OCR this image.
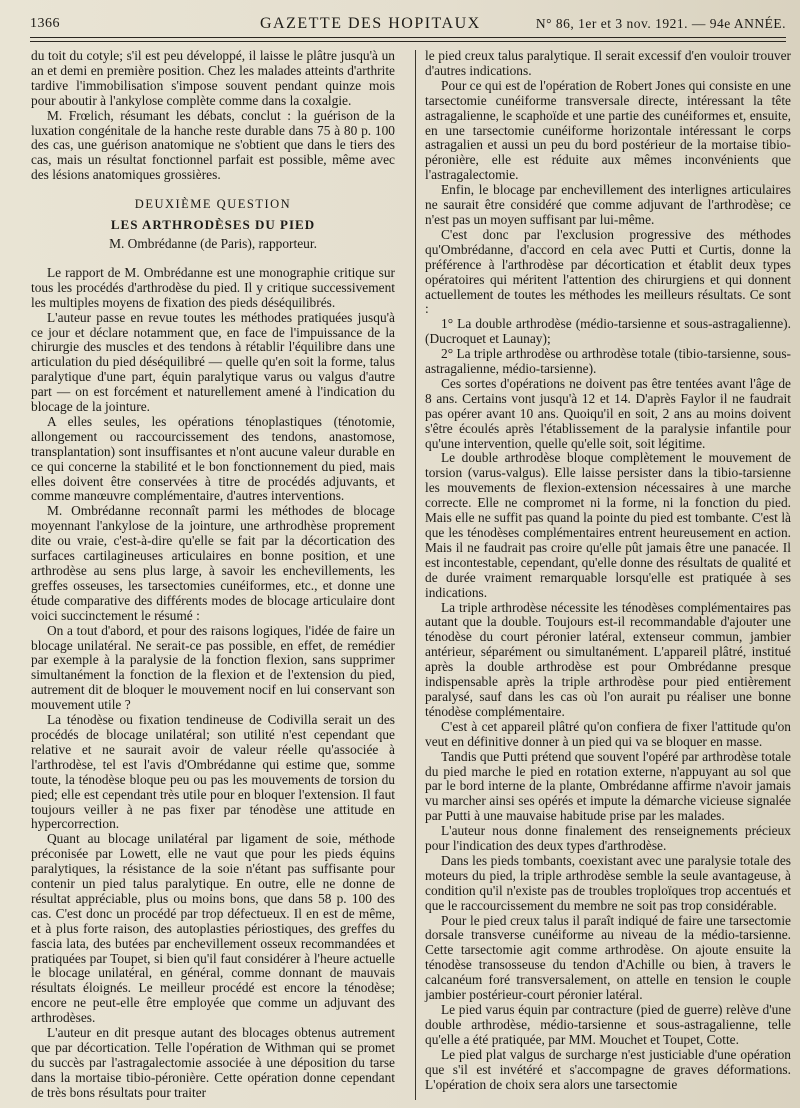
1366	GAZETTE DES HOPITAUX	N° 86, 1er et 3 nov. 1921. — 94e ANNÉE.

du toit du cotyle; s'il est peu développé, il laisse le plâtre jusqu'à un an et demi en première position. Chez les malades atteints d'arthrite tardive l'immobilisation s'impose souvent pendant quinze mois pour aboutir à l'ankylose complète comme dans la coxalgie.

M. Frœlich, résumant les débats, conclut : la guérison de la luxation congénitale de la hanche reste durable dans 75 à 80 p. 100 des cas, une guérison anatomique ne s'obtient que dans le tiers des cas, mais un résultat fonctionnel parfait est possible, même avec des lésions anatomiques grossières.

DEUXIÈME QUESTION

LES ARTHRODÈSES DU PIED

M. Ombrédanne (de Paris), rapporteur.

Le rapport de M. Ombrédanne est une monographie critique sur tous les procédés d'arthrodèse du pied. Il y critique successivement les multiples moyens de fixation des pieds déséquilibrés.

L'auteur passe en revue toutes les méthodes pratiquées jusqu'à ce jour et déclare notamment que, en face de l'impuissance de la chirurgie des muscles et des tendons à rétablir l'équilibre dans une articulation du pied déséquilibré — quelle qu'en soit la forme, talus paralytique d'une part, équin paralytique varus ou valgus d'autre part — on est forcément et naturellement amené à l'indication du blocage de la jointure.

A elles seules, les opérations ténoplastiques (ténotomie, allongement ou raccourcissement des tendons, anastomose, transplantation) sont insuffisantes et n'ont aucune valeur durable en ce qui concerne la stabilité et le bon fonctionnement du pied, mais elles doivent être conservées à titre de procédés adjuvants, et comme manœuvre complémentaire, d'autres interventions.

M. Ombrédanne reconnaît parmi les méthodes de blocage moyennant l'ankylose de la jointure, une arthrodhèse proprement dite ou vraie, c'est-à-dire qu'elle se fait par la décortication des surfaces cartilagineuses articulaires en bonne position, et une arthrodèse au sens plus large, à savoir les enchevillements, les greffes osseuses, les tarsectomies cunéiformes, etc., et donne une étude comparative des différents modes de blocage articulaire dont voici succinctement le résumé :

On a tout d'abord, et pour des raisons logiques, l'idée de faire un blocage unilatéral. Ne serait-ce pas possible, en effet, de remédier par exemple à la paralysie de la fonction flexion, sans supprimer simultanément la fonction de la flexion et de l'extension du pied, autrement dit de bloquer le mouvement nocif en lui conservant son mouvement utile ?

La ténodèse ou fixation tendineuse de Codivilla serait un des procédés de blocage unilatéral; son utilité n'est cependant que relative et ne saurait avoir de valeur réelle qu'associée à l'arthrodèse, tel est l'avis d'Ombrédanne qui estime que, somme toute, la ténodèse bloque peu ou pas les mouvements de torsion du pied; elle est cependant très utile pour en bloquer l'extension. Il faut toujours veiller à ne pas fixer par ténodèse une attitude en hypercorrection.

Quant au blocage unilatéral par ligament de soie, méthode préconisée par Lowett, elle ne vaut que pour les pieds équins paralytiques, la résistance de la soie n'étant pas suffisante pour contenir un pied talus paralytique. En outre, elle ne donne de résultat appréciable, plus ou moins bons, que dans 58 p. 100 des cas. C'est donc un procédé par trop défectueux. Il en est de même, et à plus forte raison, des autoplasties périostiques, des greffes du fascia lata, des butées par enchevillement osseux recommandées et pratiquées par Toupet, si bien qu'il faut considérer à l'heure actuelle le blocage unilatéral, en général, comme donnant de mauvais résultats éloignés. Le meilleur procédé est encore la ténodèse; encore ne peut-elle être employée que comme un adjuvant des arthrodèses.

L'auteur en dit presque autant des blocages obtenus autrement que par décortication. Telle l'opération de Withman qui se promet du succès par l'astragalectomie associée à une déposition du tarse dans la mortaise tibio-péronière. Cette opération donne cependant de très bons résultats pour traiter

le pied creux talus paralytique. Il serait excessif d'en vouloir trouver d'autres indications.

Pour ce qui est de l'opération de Robert Jones qui consiste en une tarsectomie cunéiforme transversale directe, intéressant la tête astragalienne, le scaphoïde et une partie des cunéiformes et, ensuite, en une tarsectomie cunéiforme horizontale intéressant le corps astragalien et aussi un peu du bord postérieur de la mortaise tibio-péronière, elle est réduite aux mêmes inconvénients que l'astragalectomie.

Enfin, le blocage par enchevillement des interlignes articulaires ne saurait être considéré que comme adjuvant de l'arthrodèse; ce n'est pas un moyen suffisant par lui-même.

C'est donc par l'exclusion progressive des méthodes qu'Ombrédanne, d'accord en cela avec Putti et Curtis, donne la préférence à l'arthrodèse par décortication et établit deux types opératoires qui méritent l'attention des chirurgiens et qui donnent actuellement de toutes les méthodes les meilleurs résultats. Ce sont :

1° La double arthrodèse (médio-tarsienne et sous-astragalienne). (Ducroquet et Launay);

2° La triple arthrodèse ou arthrodèse totale (tibio-tarsienne, sous-astragalienne, médio-tarsienne).

Ces sortes d'opérations ne doivent pas être tentées avant l'âge de 8 ans. Certains vont jusqu'à 12 et 14. D'après Faylor il ne faudrait pas opérer avant 10 ans. Quoiqu'il en soit, 2 ans au moins doivent s'être écoulés après l'établissement de la paralysie infantile pour qu'une intervention, quelle qu'elle soit, soit légitime.

Le double arthrodèse bloque complètement le mouvement de torsion (varus-valgus). Elle laisse persister dans la tibio-tarsienne les mouvements de flexion-extension nécessaires à une marche correcte. Elle ne compromet ni la forme, ni la fonction du pied. Mais elle ne suffit pas quand la pointe du pied est tombante. C'est là que les ténodèses complémentaires entrent heureusement en action. Mais il ne faudrait pas croire qu'elle pût jamais être une panacée. Il est incontestable, cependant, qu'elle donne des résultats de qualité et de durée vraiment remarquable lorsqu'elle est pratiquée à ses indications.

La triple arthrodèse nécessite les ténodèses complémentaires pas autant que la double. Toujours est-il recommandable d'ajouter une ténodèse du court péronier latéral, extenseur commun, jambier antérieur, séparément ou simultanément. L'appareil plâtré, institué après la double arthrodèse est pour Ombrédanne presque indispensable après la triple arthrodèse pour pied entièrement paralysé, sauf dans les cas où l'on aurait pu réaliser une bonne ténodèse complémentaire.

C'est à cet appareil plâtré qu'on confiera de fixer l'attitude qu'on veut en définitive donner à un pied qui va se bloquer en masse.

Tandis que Putti prétend que souvent l'opéré par arthrodèse totale du pied marche le pied en rotation externe, n'appuyant au sol que par le bord interne de la plante, Ombrédanne affirme n'avoir jamais vu marcher ainsi ses opérés et impute la démarche vicieuse signalée par Putti à une mauvaise habitude prise par les malades.

L'auteur nous donne finalement des renseignements précieux pour l'indication des deux types d'arthrodèse.

Dans les pieds tombants, coexistant avec une paralysie totale des moteurs du pied, la triple arthrodèse semble la seule avantageuse, à condition qu'il n'existe pas de troubles troploïques trop accentués et que le raccourcissement du membre ne soit pas trop considérable.

Pour le pied creux talus il paraît indiqué de faire une tarsectomie dorsale transverse cunéiforme au niveau de la médio-tarsienne. Cette tarsectomie agit comme arthrodèse. On ajoute ensuite la ténodèse transosseuse du tendon d'Achille ou bien, à travers le calcanéum foré transversalement, on attelle en tension le couple jambier postérieur-court péronier latéral.

Le pied varus équin par contracture (pied de guerre) relève d'une double arthrodèse, médio-tarsienne et sous-astragalienne, telle qu'elle a été pratiquée, par MM. Mouchet et Toupet, Cotte.

Le pied plat valgus de surcharge n'est justiciable d'une opération que s'il est invétéré et s'accompagne de graves déformations. L'opération de choix sera alors une tarsectomie
